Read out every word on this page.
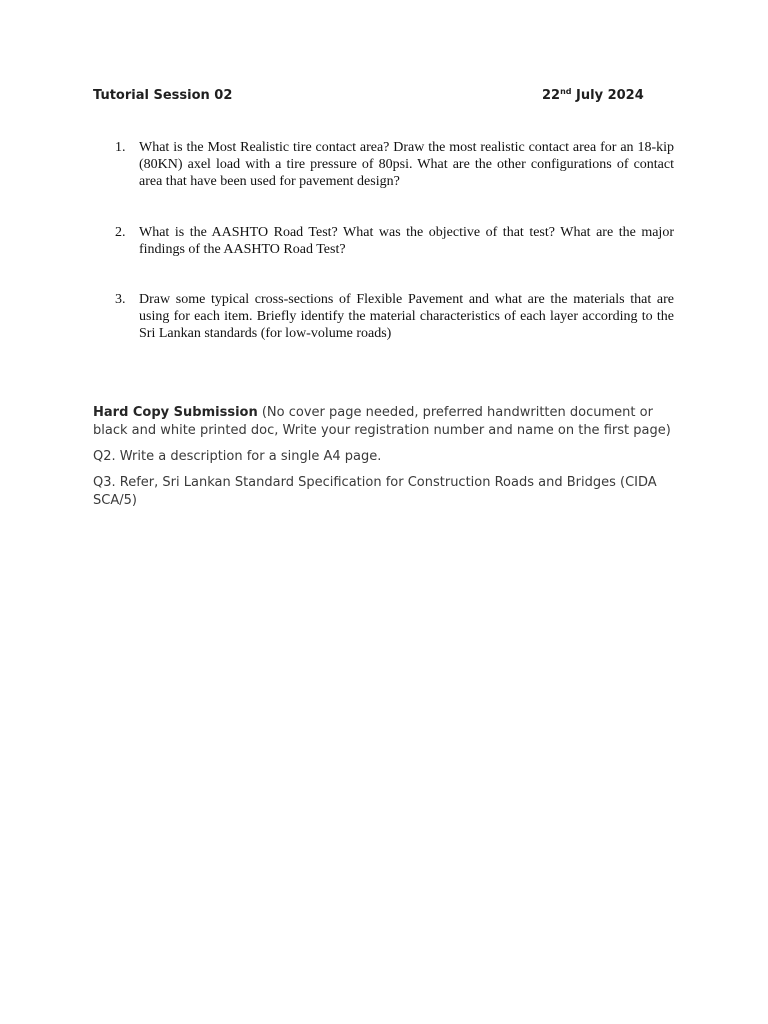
Tutorial Session 02	22nd July 2024
1. What is the Most Realistic tire contact area? Draw the most realistic contact area for an 18-kip (80KN) axel load with a tire pressure of 80psi. What are the other configurations of contact area that have been used for pavement design?
2. What is the AASHTO Road Test? What was the objective of that test? What are the major findings of the AASHTO Road Test?
3. Draw some typical cross-sections of Flexible Pavement and what are the materials that are using for each item. Briefly identify the material characteristics of each layer according to the Sri Lankan standards (for low-volume roads)

Hard Copy Submission (No cover page needed, preferred handwritten document or black and white printed doc, Write your registration number and name on the first page)

Q2. Write a description for a single A4 page.

Q3. Refer, Sri Lankan Standard Specification for Construction Roads and Bridges (CIDA SCA/5)
